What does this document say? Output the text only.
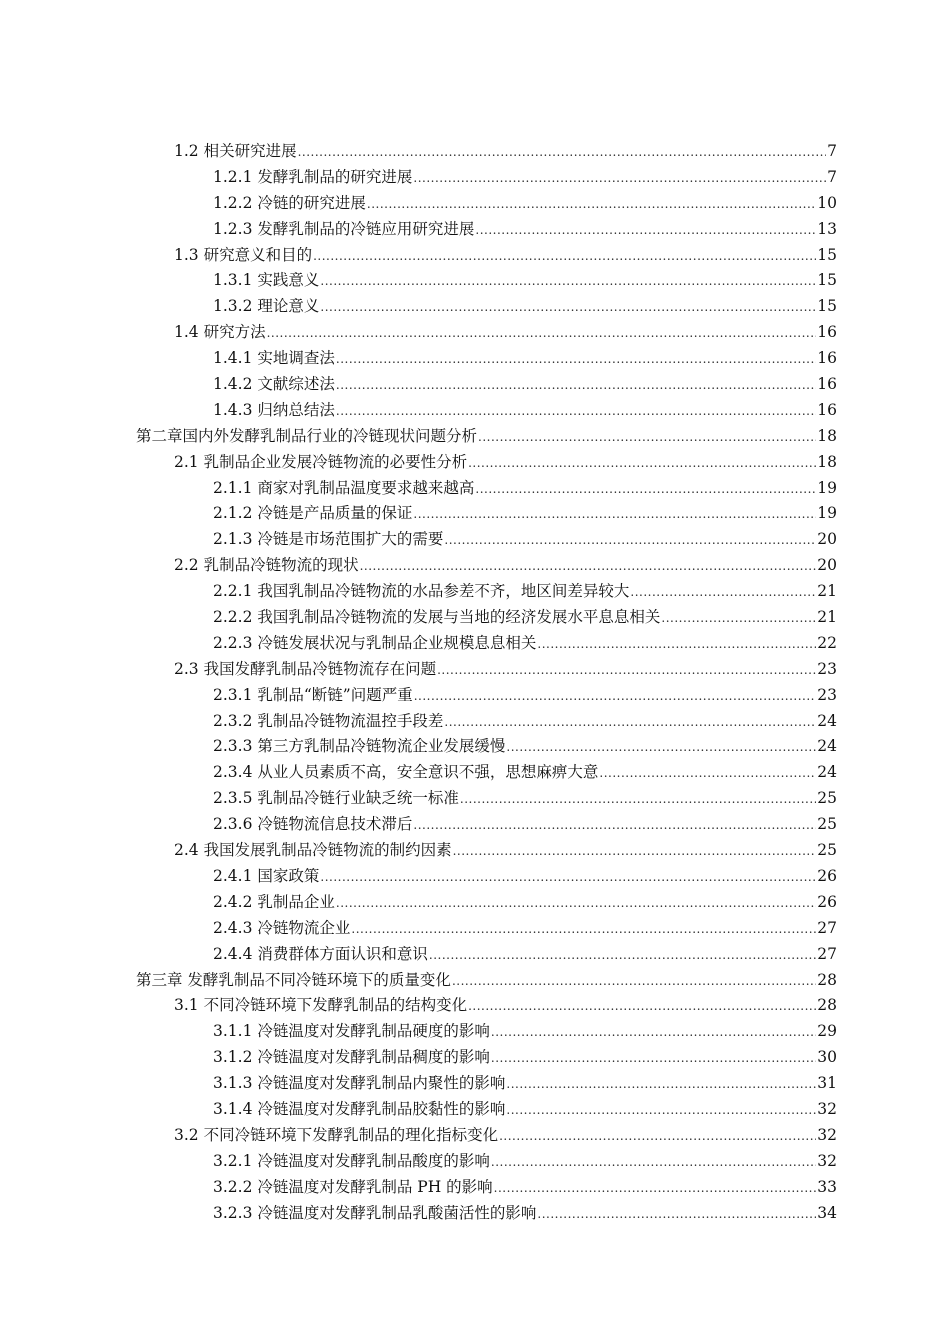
1.2 相关研究进展 .....	7
1.2.1 发酵乳制品的研究进展 .....	7
1.2.2 冷链的研究进展 .....	10
1.2.3 发酵乳制品的冷链应用研究进展 .....	13
1.3 研究意义和目的 .....	15
1.3.1 实践意义 .....	15
1.3.2 理论意义 .....	15
1.4 研究方法 .....	16
1.4.1 实地调查法 .....	16
1.4.2 文献综述法 .....	16
1.4.3 归纳总结法 .....	16
第二章国内外发酵乳制品行业的冷链现状问题分析 .....	18
2.1 乳制品企业发展冷链物流的必要性分析 .....	18
2.1.1 商家对乳制品温度要求越来越高 .....	19
2.1.2 冷链是产品质量的保证 .....	19
2.1.3 冷链是市场范围扩大的需要 .....	20
2.2 乳制品冷链物流的现状 .....	20
2.2.1 我国乳制品冷链物流的水品参差不齐，地区间差异较大 .....	21
2.2.2 我国乳制品冷链物流的发展与当地的经济发展水平息息相关 .....	21
2.2.3 冷链发展状况与乳制品企业规模息息相关 .....	22
2.3 我国发酵乳制品冷链物流存在问题 .....	23
2.3.1 乳制品“断链”问题严重 .....	23
2.3.2 乳制品冷链物流温控手段差 .....	24
2.3.3 第三方乳制品冷链物流企业发展缓慢 .....	24
2.3.4 从业人员素质不高，安全意识不强，思想麻痹大意 .....	24
2.3.5 乳制品冷链行业缺乏统一标准 .....	25
2.3.6 冷链物流信息技术滞后 .....	25
2.4 我国发展乳制品冷链物流的制约因素 .....	25
2.4.1 国家政策 .....	26
2.4.2 乳制品企业 .....	26
2.4.3 冷链物流企业 .....	27
2.4.4 消费群体方面认识和意识 .....	27
第三章 发酵乳制品不同冷链环境下的质量变化 .....	28
3.1 不同冷链环境下发酵乳制品的结构变化 .....	28
3.1.1 冷链温度对发酵乳制品硬度的影响 .....	29
3.1.2 冷链温度对发酵乳制品稠度的影响 .....	30
3.1.3 冷链温度对发酵乳制品内聚性的影响 .....	31
3.1.4 冷链温度对发酵乳制品胶黏性的影响 .....	32
3.2 不同冷链环境下发酵乳制品的理化指标变化 .....	32
3.2.1 冷链温度对发酵乳制品酸度的影响 .....	32
3.2.2 冷链温度对发酵乳制品 PH 的影响 .....	33
3.2.3 冷链温度对发酵乳制品乳酸菌活性的影响 .....	34
